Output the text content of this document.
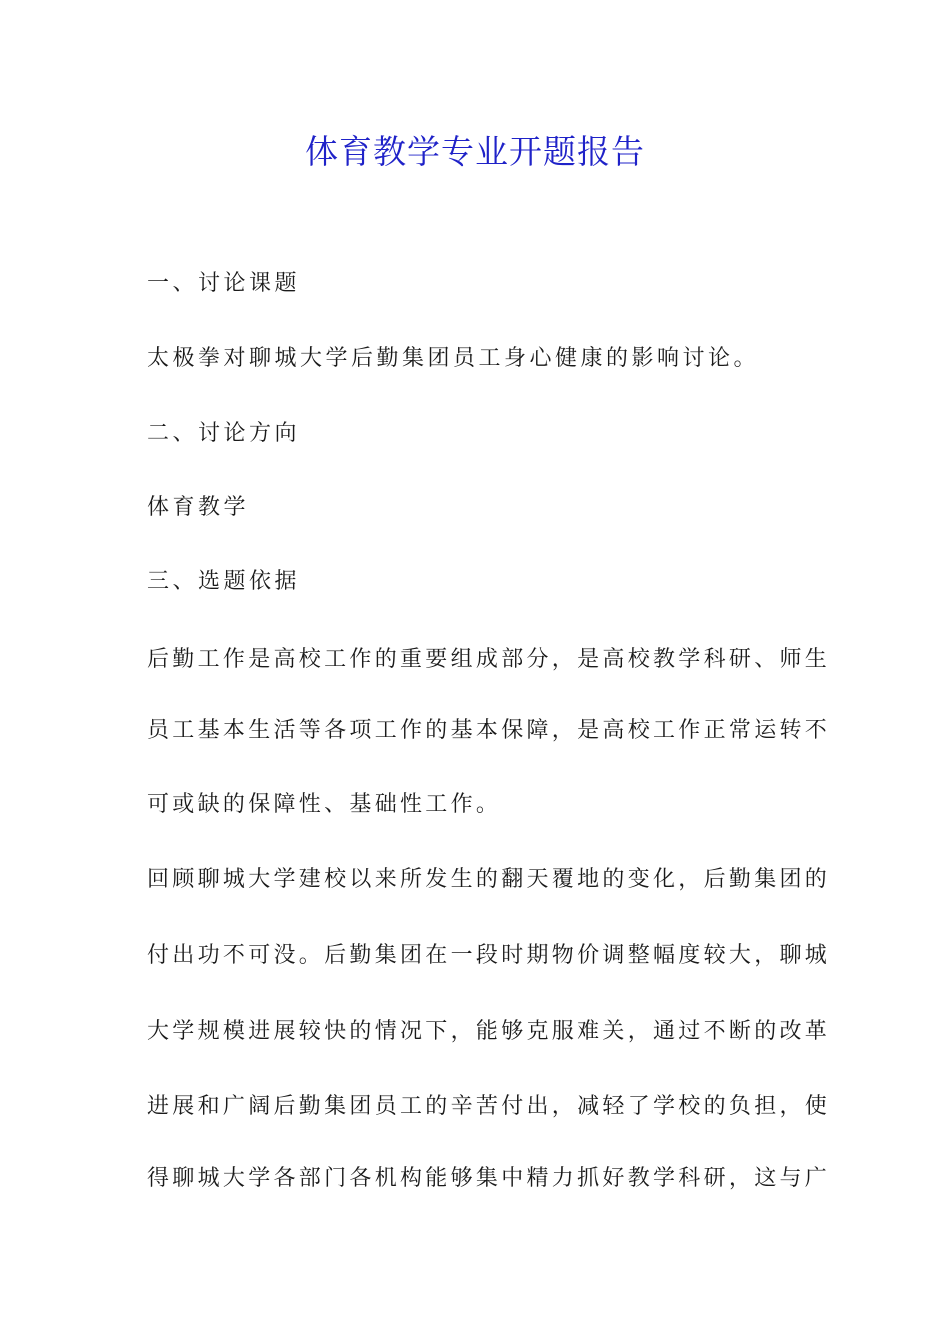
体育教学专业开题报告

一、讨论课题

太极拳对聊城大学后勤集团员工身心健康的影响讨论。

二、讨论方向

体育教学

三、选题依据

后勤工作是高校工作的重要组成部分，是高校教学科研、师生

员工基本生活等各项工作的基本保障，是高校工作正常运转不

可或缺的保障性、基础性工作。

回顾聊城大学建校以来所发生的翻天覆地的变化，后勤集团的

付出功不可没。后勤集团在一段时期物价调整幅度较大，聊城

大学规模进展较快的情况下，能够克服难关，通过不断的改革

进展和广阔后勤集团员工的辛苦付出，减轻了学校的负担，使

得聊城大学各部门各机构能够集中精力抓好教学科研，这与广
